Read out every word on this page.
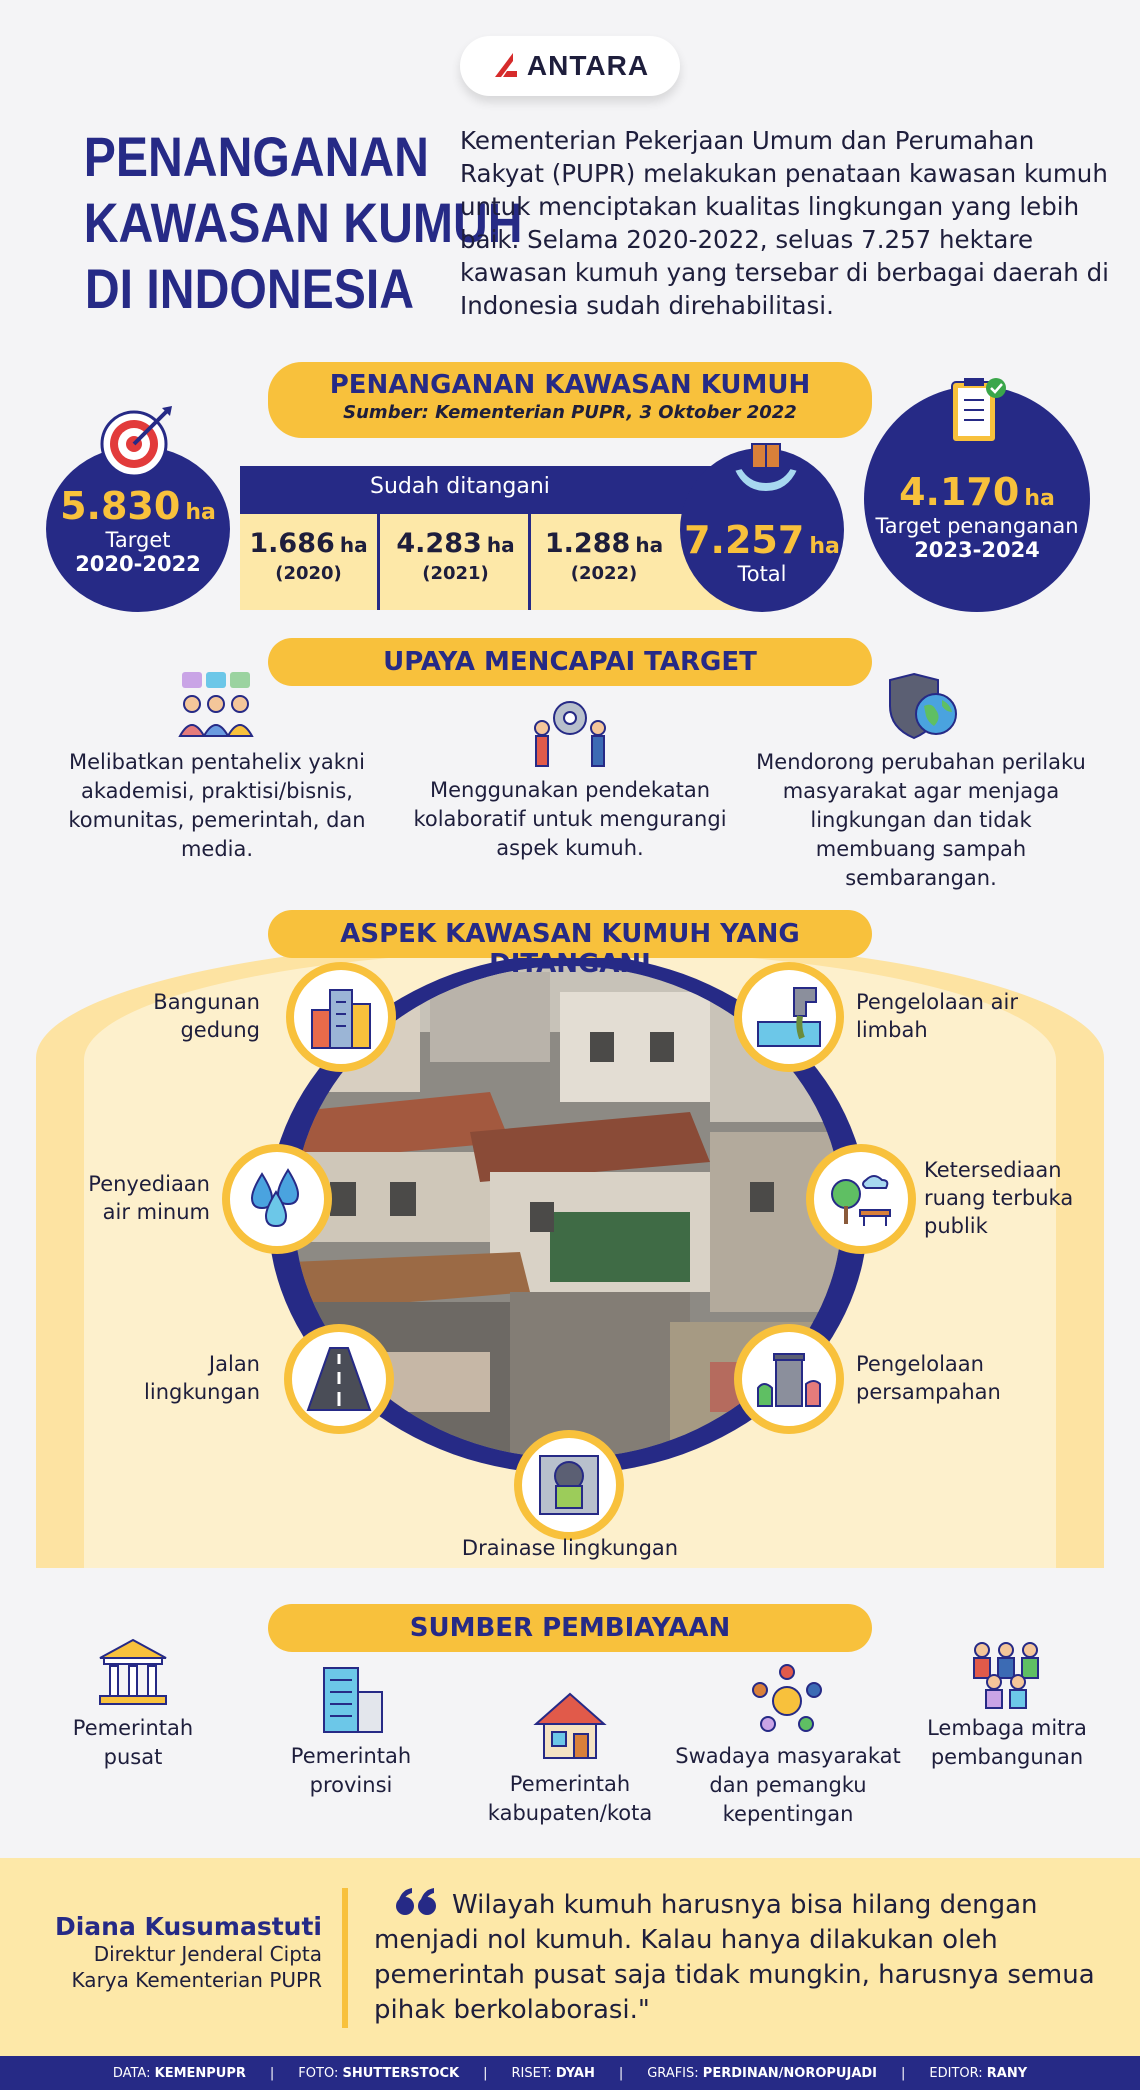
ANTARA
PENANGANAN
KAWASAN KUMUH
DI INDONESIA
Kementerian Pekerjaan Umum dan Perumahan Rakyat (PUPR) melakukan penataan kawasan kumuh untuk menciptakan kualitas lingkungan yang lebih baik. Selama 2020-2022, seluas 7.257 hektare kawasan kumuh yang tersebar di berbagai daerah di Indonesia sudah direhabilitasi.
PENANGANAN KAWASAN KUMUH
Sumber: Kementerian PUPR, 3 Oktober 2022
Sudah ditangani
1.686 ha
(2020)
4.283 ha
(2021)
1.288 ha
(2022)
5.830 ha
Target
2020-2022
7.257 ha
Total
4.170 ha
Target penanganan
2023-2024
UPAYA MENCAPAI TARGET
Melibatkan pentahelix yakni akademisi, praktisi/bisnis, komunitas, pemerintah, dan media.
Menggunakan pendekatan kolaboratif untuk mengurangi aspek kumuh.
Mendorong perubahan perilaku masyarakat agar menjaga lingkungan dan tidak membuang sampah sembarangan.
ASPEK KAWASAN KUMUH YANG DITANGANI
Bangunan gedung
Pengelolaan air limbah
Penyediaan air minum
Ketersediaan ruang terbuka publik
Jalan lingkungan
Pengelolaan persampahan
Drainase lingkungan
SUMBER PEMBIAYAAN
Pemerintah pusat	Pemerintah provinsi	Pemerintah kabupaten/kota
Swadaya masyarakat dan pemangku kepentingan
Lembaga mitra pembangunan
Diana Kusumastuti
Direktur Jenderal Cipta
Karya Kementerian PUPR
Wilayah kumuh harusnya bisa hilang dengan menjadi nol kumuh. Kalau hanya dilakukan oleh pemerintah pusat saja tidak mungkin, harusnya semua pihak berkolaborasi."
DATA: KEMENPUPR | FOTO: SHUTTERSTOCK | RISET: DYAH | GRAFIS: PERDINAN/NOROPUJADI | EDITOR: RANY
